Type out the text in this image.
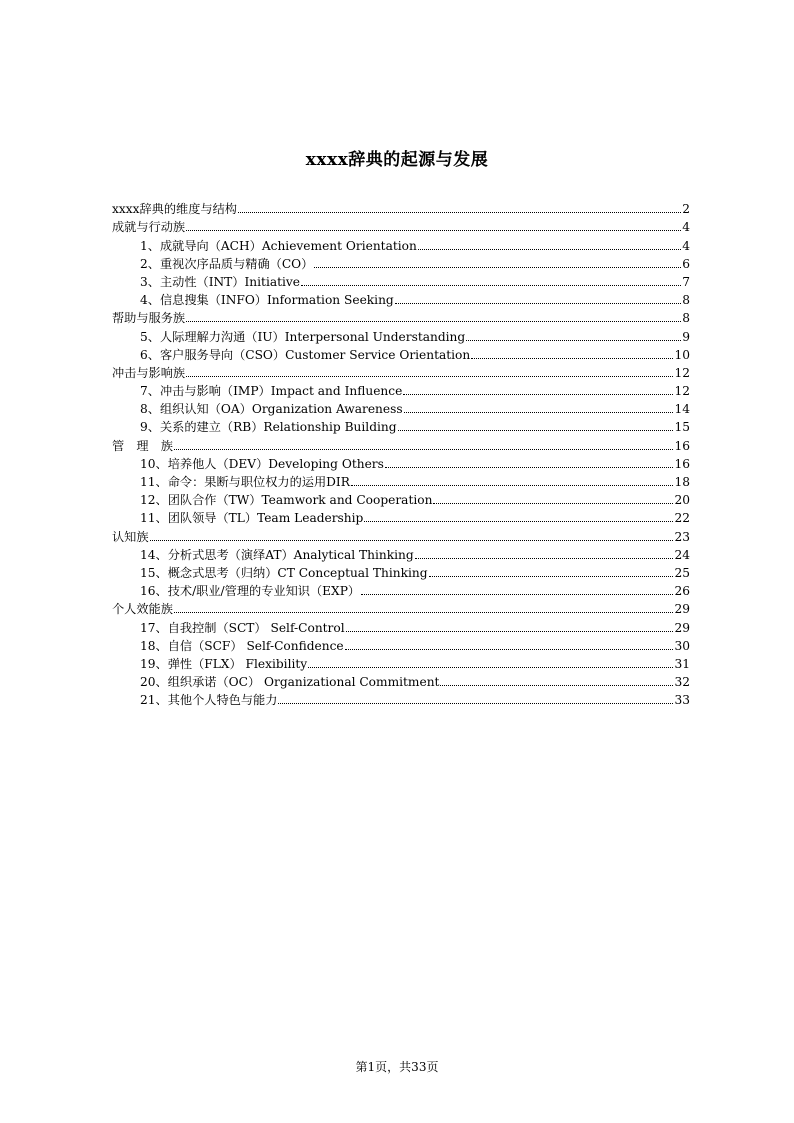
xxxx辞典的起源与发展
xxxx辞典的维度与结构	2
成就与行动族	4
1、成就导向（ACH）Achievement Orientation	4
2、重视次序品质与精确（CO）	6
3、主动性（INT）Initiative	7
4、信息搜集（INFO）Information Seeking	8
帮助与服务族	8
5、人际理解力沟通（IU）Interpersonal Understanding	9
6、客户服务导向（CSO）Customer Service Orientation	10
冲击与影响族	12
7、冲击与影响（IMP）Impact and Influence	12
8、组织认知（OA）Organization Awareness	14
9、关系的建立（RB）Relationship Building	15
管　理　族	16
10、培养他人（DEV）Developing Others	16
11、命令：果断与职位权力的运用DIR	18
12、团队合作（TW）Teamwork and Cooperation	20
11、团队领导（TL）Team Leadership	22
认知族	23
14、分析式思考（演绎AT）Analytical Thinking	24
15、概念式思考（归纳）CT Conceptual Thinking	25
16、技术/职业/管理的专业知识（EXP）	26
个人效能族	29
17、自我控制（SCT） Self-Control	29
18、自信（SCF） Self-Confidence	30
19、弹性（FLX） Flexibility	31
20、组织承诺（OC） Organizational Commitment	32
21、其他个人特色与能力	33
第1页，共33页
